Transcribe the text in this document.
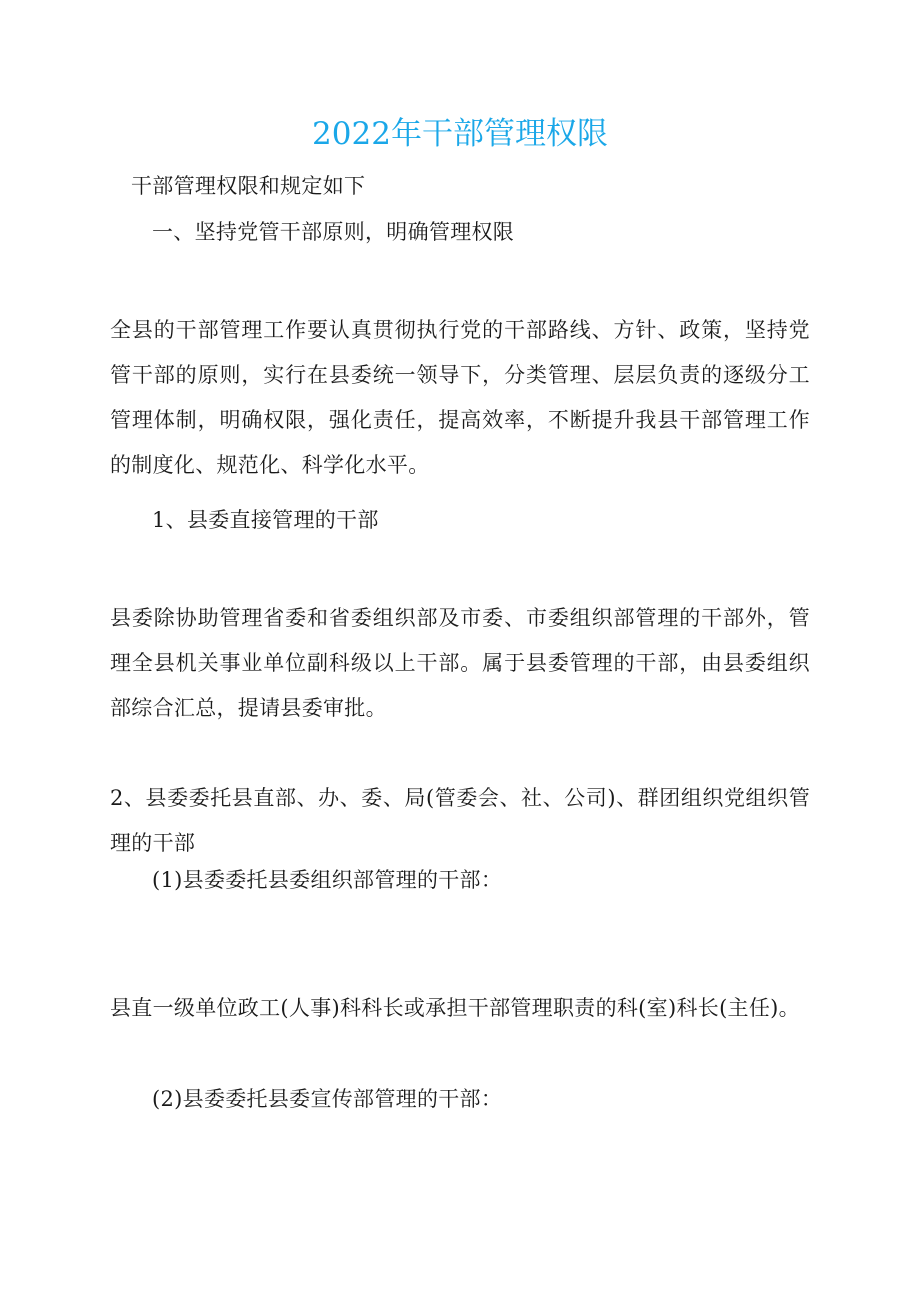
2022年干部管理权限
干部管理权限和规定如下
一、坚持党管干部原则，明确管理权限
全县的干部管理工作要认真贯彻执行党的干部路线、方针、政策，坚持党管干部的原则，实行在县委统一领导下，分类管理、层层负责的逐级分工管理体制，明确权限，强化责任，提高效率，不断提升我县干部管理工作的制度化、规范化、科学化水平。
1、县委直接管理的干部
县委除协助管理省委和省委组织部及市委、市委组织部管理的干部外，管理全县机关事业单位副科级以上干部。属于县委管理的干部，由县委组织部综合汇总，提请县委审批。
2、县委委托县直部、办、委、局(管委会、社、公司)、群团组织党组织管理的干部
(1)县委委托县委组织部管理的干部：
县直一级单位政工(人事)科科长或承担干部管理职责的科(室)科长(主任)。
(2)县委委托县委宣传部管理的干部：
